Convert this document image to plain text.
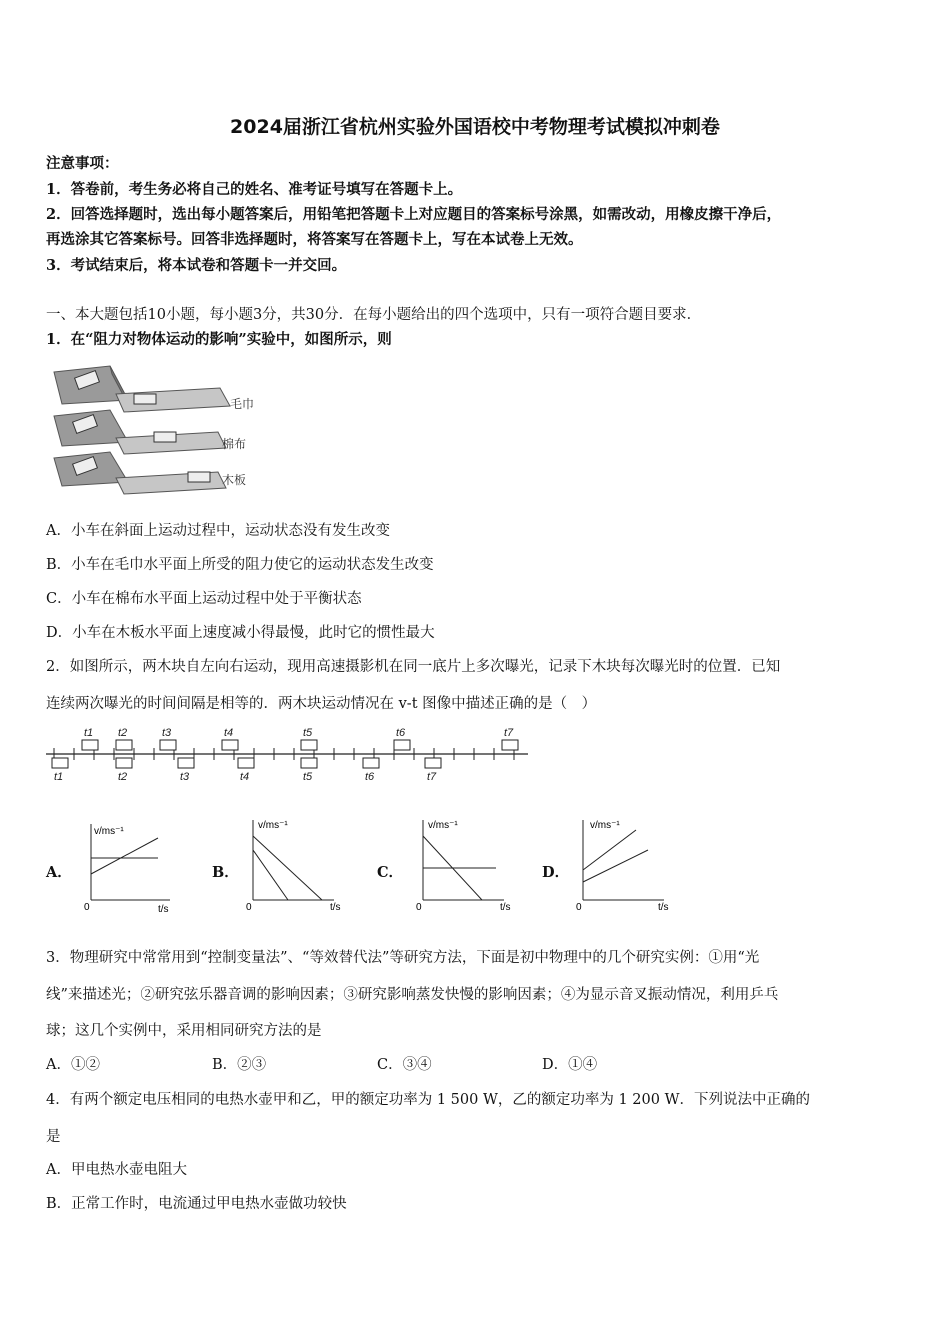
2024届浙江省杭州实验外国语校中考物理考试模拟冲刺卷
注意事项：
1．答卷前，考生务必将自己的姓名、准考证号填写在答题卡上。
2．回答选择题时，选出每小题答案后，用铅笔把答题卡上对应题目的答案标号涂黑，如需改动，用橡皮擦干净后，
再选涂其它答案标号。回答非选择题时，将答案写在答题卡上，写在本试卷上无效。
3．考试结束后，将本试卷和答题卡一并交回。
一、本大题包括10小题，每小题3分，共30分．在每小题给出的四个选项中，只有一项符合题目要求．
1．在“阻力对物体运动的影响”实验中，如图所示，则
毛巾
棉布
木板
A．小车在斜面上运动过程中，运动状态没有发生改变
B．小车在毛巾水平面上所受的阻力使它的运动状态发生改变
C．小车在棉布水平面上运动过程中处于平衡状态
D．小车在木板水平面上速度减小得最慢，此时它的惯性最大
2．如图所示，两木块自左向右运动，现用高速摄影机在同一底片上多次曝光，记录下木块每次曝光时的位置．已知
连续两次曝光的时间间隔是相等的．两木块运动情况在 v-t 图像中描述正确的是（　）
t1 t2	t3	t4	t5	t6	t7
t1	t2	t3	t4	t5	t6	t7
A．
v/ms⁻¹
0	t/s
B．
v/ms⁻¹
0	t/s
C．
v/ms⁻¹
0	t/s
D．
v/ms⁻¹
0	t/s
3．物理研究中常常用到“控制变量法”、“等效替代法”等研究方法，下面是初中物理中的几个研究实例：①用“光
线”来描述光；②研究弦乐器音调的影响因素；③研究影响蒸发快慢的影响因素；④为显示音叉振动情况，利用乒乓
球；这几个实例中，采用相同研究方法的是
A．①②	B．②③	C．③④	D．①④
4．有两个额定电压相同的电热水壶甲和乙，甲的额定功率为 1 500 W，乙的额定功率为 1 200 W．下列说法中正确的
是
A．甲电热水壶电阻大
B．正常工作时，电流通过甲电热水壶做功较快
